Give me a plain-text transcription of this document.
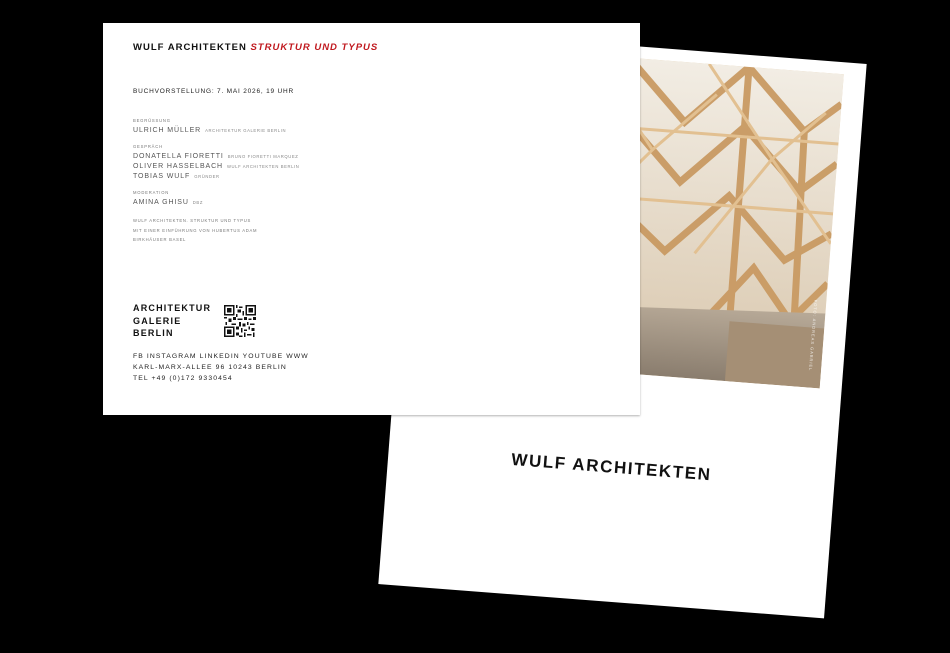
FOTO: ANDREAS GABRIEL
WULF ARCHITEKTEN
WULF ARCHITEKTEN STRUKTUR UND TYPUS
BUCHVORSTELLUNG: 7. MAI 2026, 19 UHR
BEGRÜSSUNG
ULRICH MÜLLER ARCHITEKTUR GALERIE BERLIN
GESPRÄCH
DONATELLA FIORETTI BRUNO FIORETTI MARQUEZ
OLIVER HASSELBACH WULF ARCHITEKTEN BERLIN
TOBIAS WULF GRÜNDER
MODERATION
AMINA GHISU DBZ
WULF ARCHITEKTEN. STRUKTUR UND TYPUS
MIT EINER EINFÜHRUNG VON HUBERTUS ADAM
BIRKHÄUSER BASEL
ARCHITEKTUR
GALERIE
BERLIN
FB INSTAGRAM LINKEDIN YOUTUBE WWW
KARL-MARX-ALLEE 96 10243 BERLIN
TEL +49 (0)172 9330454
